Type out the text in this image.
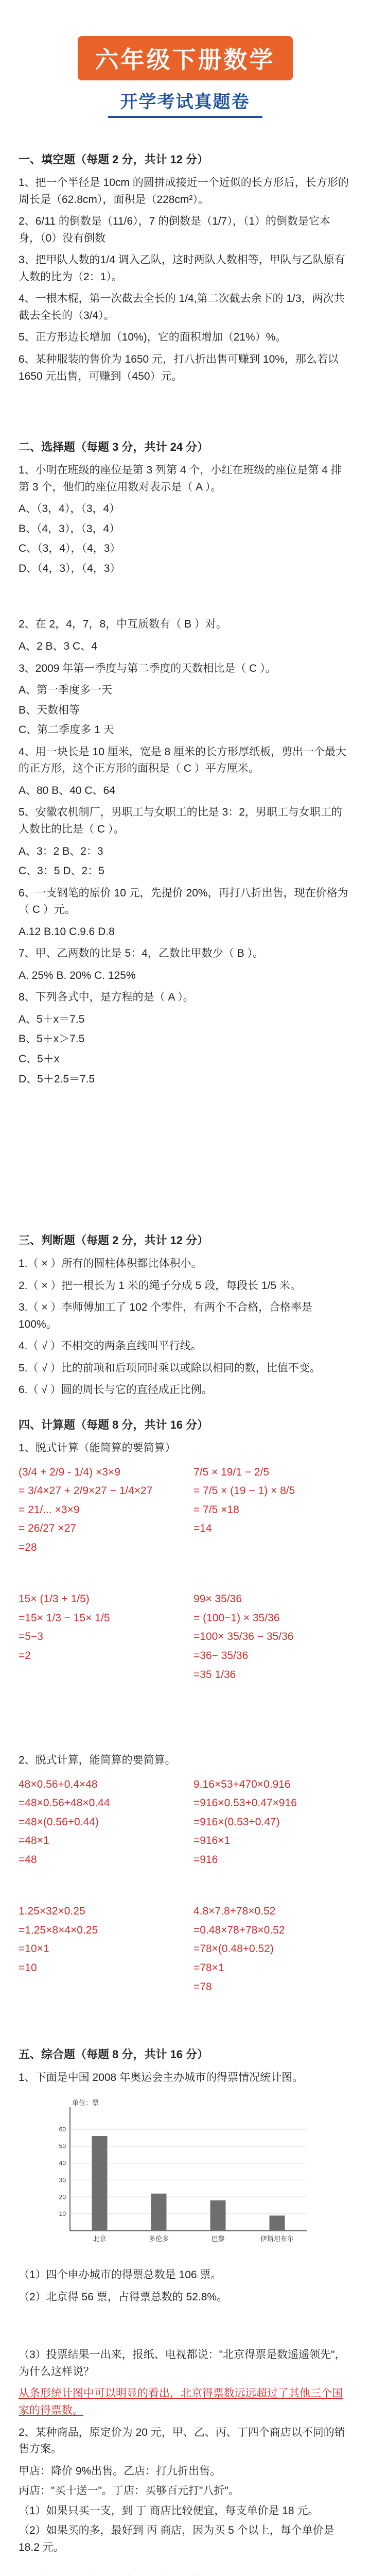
六年级下册数学
开学考试真题卷
一、填空题（每题 2 分，共计 12 分）
1、把一个半径是 10cm 的圆拼成接近一个近似的长方形后，长方形的周长是（62.8cm），面积是（228cm²）。
2、6/11 的倒数是（11/6），7 的倒数是（1/7），（1）的倒数是它本身，（0）没有倒数
3、把甲队人数的1/4 调入乙队，这时两队人数相等，甲队与乙队原有人数的比为（2：1）。
4、一根木棍，第一次截去全长的 1/4,第二次截去余下的 1/3，两次共截去全长的（3/4）。
5、正方形边长增加（10%)，它的面积增加（21%）%。
6、某种服装的售价为 1650 元，打八折出售可赚到 10%，那么若以 1650 元出售，可赚到（450）元。
二、选择题（每题 3 分，共计 24 分）
1、小明在班级的座位是第 3 列第 4 个，小红在班级的座位是第 4 排第 3 个，他们的座位用数对表示是（ A ）。
A、（3，4），（3，4）
B、（4，3），（3，4）
C、（3，4），（4，3）
D、（4，3），（4，3）
2、在 2，4，7，8，中互质数有（ B ）对。
A、2 B、3 C、4
3、2009 年第一季度与第二季度的天数相比是（ C ）。
A、第一季度多一天
B、天数相等
C、第二季度多 1 天
4、用一块长是 10 厘米，宽是 8 厘米的长方形厚纸板，剪出一个最大的正方形，这个正方形的面积是（ C ）平方厘米。
A、80 B、40 C、64
5、安徽农机制厂，男职工与女职工的比是 3：2，男职工与女职工的人数比的比是（ C ）。
A、3：2 B、2：3
C、3：5 D、2：5
6、一支钢笔的原价 10 元，先提价 20%，再打八折出售，现在价格为（ C ）元。
A.12 B.10 C.9.6 D.8
7、甲、乙两数的比是 5：4，乙数比甲数少（ B ）。
A. 25% B. 20% C. 125%
8、下列各式中，是方程的是（ A ）。
A、5＋x＝7.5
B、5＋x＞7.5
C、5＋x
D、5＋2.5＝7.5
三、判断题（每题 2 分，共计 12 分）
1.（ × ）所有的圆柱体积都比体积小。
2.（ × ）把一根长为 1 米的绳子分成 5 段，每段长 1/5 米。
3.（ × ）李师傅加工了 102 个零件，有两个不合格，合格率是 100%。
4.（ √ ）不相交的两条直线叫平行线。
5.（ √ ）比的前项和后项同时乘以或除以相同的数，比值不变。
6.（ √ ）圆的周长与它的直径成正比例。
四、计算题（每题 8 分，共计 16 分）
1、脱式计算（能简算的要简算）
(3/4 + 2/9 - 1/4) ×3×9
= 3/4×27 + 2/9×27 − 1/4×27
= 21/... ×3×9
= 26/27 ×27
=28
7/5 × 19/1 − 2/5
= 7/5 × (19 − 1) × 8/5
= 7/5 ×18
=14
15× (1/3 + 1/5)
=15× 1/3 − 15× 1/5
=5−3
=2
99× 35/36
= (100−1) × 35/36
=100× 35/36 − 35/36
=36− 35/36
=35 1/36
2、脱式计算，能简算的要简算。
48×0.56+0.4×48
=48×0.56+48×0.44
=48×(0.56+0.44)
=48×1
=48
9.16×53+470×0.916
=916×0.53+0.47×916
=916×(0.53+0.47)
=916×1
=916
1.25×32×0.25
=1.25×8×4×0.25
=10×1
=10
4.8×7.8+78×0.52
=0.48×78+78×0.52
=78×(0.48+0.52)
=78×1
=78
五、综合题（每题 8 分，共计 16 分）
1、下面是中国 2008 年奥运会主办城市的得票情况统计图。
单位：票
10
20
30
40
50
60
北京	多伦多	巴黎	伊斯坦布尔
（1）四个申办城市的得票总数是 106 票。
（2）北京得 56 票，占得票总数的 52.8%。
（3）投票结果一出来，报纸、电视都说："北京得票是数遥遥领先"，为什么这样说？
从条形统计图中可以明显的看出，北京得票数远远超过了其他三个国家的得票数。
2、某种商品，原定价为 20 元，甲、乙、丙、丁四个商店以不同的销售方案。
甲店：降价 9%出售。乙店：打九折出售。
丙店："买十送一"。丁店：买够百元打"八折"。
（1）如果只买一支，到 丁 商店比较便宜，每支单价是 18 元。
（2）如果买的多，最好到 丙 商店，因为买 5 个以上，每个单价是 18.2 元。
